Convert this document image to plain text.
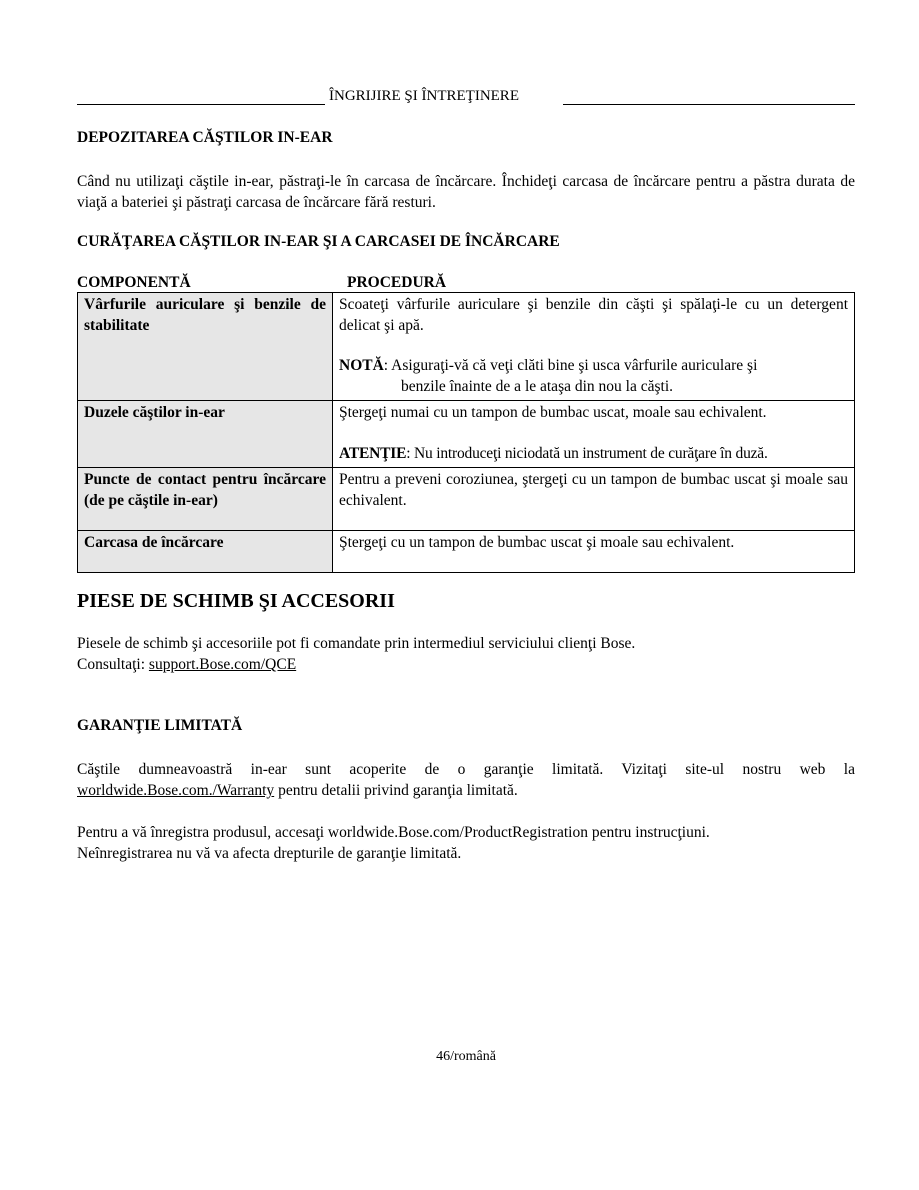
ÎNGRIJIRE ŞI ÎNTREŢINERE
DEPOZITAREA CĂŞTILOR IN-EAR
Când nu utilizaţi căştile in-ear, păstraţi-le în carcasa de încărcare. Închideţi carcasa de încărcare pentru a păstra durata de viaţă a bateriei şi păstraţi carcasa de încărcare fără resturi.
CURĂŢAREA CĂŞTILOR IN-EAR ŞI A CARCASEI DE ÎNCĂRCARE
COMPONENTĂ	PROCEDURĂ
Vârfurile auriculare şi benzile de stabilitate	Scoateţi vârfurile auriculare şi benzile din căşti şi spălaţi-le cu un detergent delicat şi apă.
NOTĂ: Asiguraţi-vă că veţi clăti bine şi usca vârfurile auriculare şi
benzile înainte de a le ataşa din nou la căşti.

Duzele căştilor in-ear	Ştergeţi numai cu un tampon de bumbac uscat, moale sau echivalent.
ATENŢIE: Nu introduceţi niciodată un instrument de curăţare în duză.

Puncte de contact pentru încărcare (de pe căştile in-ear)	Pentru a preveni coroziunea, ştergeţi cu un tampon de bumbac uscat şi moale sau echivalent.
Carcasa de încărcare	Ştergeţi cu un tampon de bumbac uscat şi moale sau echivalent.
PIESE DE SCHIMB ŞI ACCESORII
Piesele de schimb şi accesoriile pot fi comandate prin intermediul serviciului clienţi Bose.
Consultaţi: support.Bose.com/QCE
GARANŢIE LIMITATĂ
Căştile dumneavoastră in-ear sunt acoperite de o garanţie limitată. Vizitaţi site-ul nostru web la worldwide.Bose.com./Warranty pentru detalii privind garanţia limitată.
Pentru a vă înregistra produsul, accesaţi worldwide.Bose.com/ProductRegistration pentru instrucţiuni.
Neînregistrarea nu vă va afecta drepturile de garanţie limitată.
46/română
